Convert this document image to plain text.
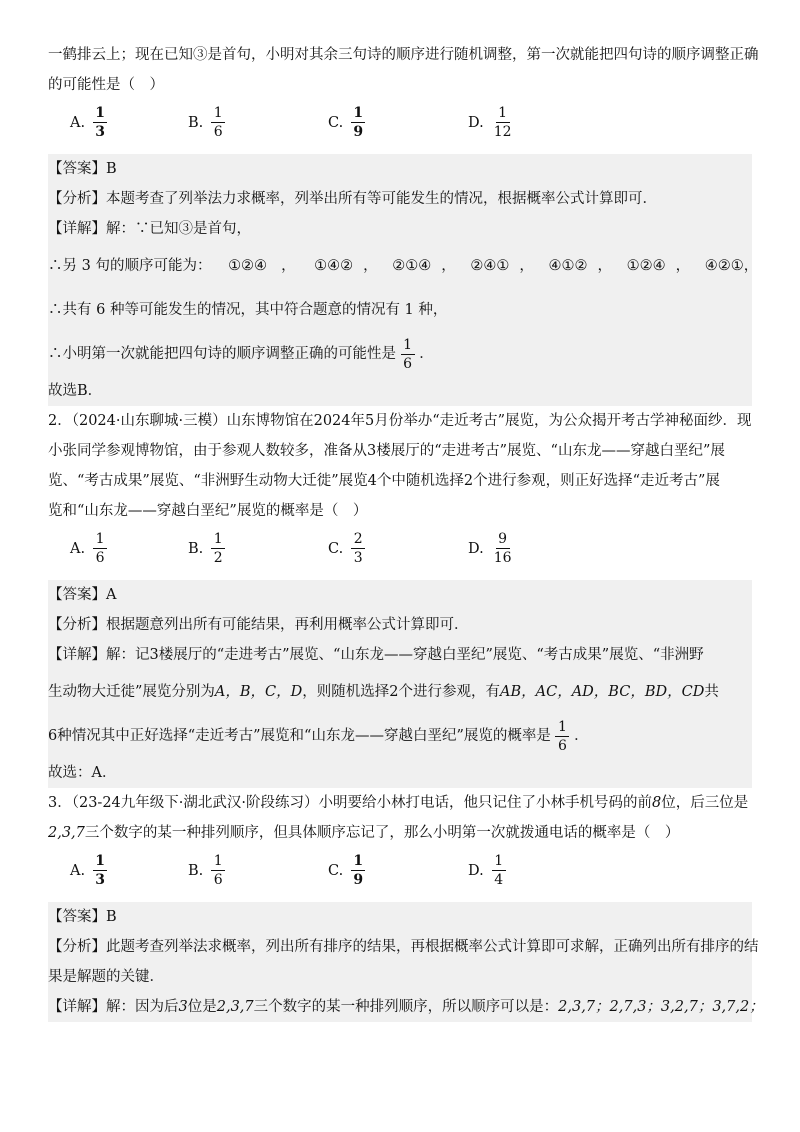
一鹤排云上；现在已知③是首句，小明对其余三句诗的顺序进行随机调整，第一次就能把四句诗的顺序调整正确
的可能性是（　）
A. $\frac{1}{3}$	B. $\frac{1}{6}$	C. $\frac{1}{9}$	D. $\frac{1}{12}$
【答案】B
【分析】本题考查了列举法力求概率，列举出所有等可能发生的情况，根据概率公式计算即可．
【详解】解：∵已知③是首句，
∴另 3 句的顺序可能为： ①②④ ， ①④② ， ②①④ ， ②④① ， ④①② ， ①②④ ， ④②①，
∴共有 6 种等可能发生的情况，其中符合题意的情况有 1 种，
∴小明第一次就能把四句诗的顺序调整正确的可能性是 $\frac{1}{6}$ ．
故选B．
2．（2024·山东聊城·三模）山东博物馆在2024年5月份举办“走近考古”展览，为公众揭开考古学神秘面纱．现
小张同学参观博物馆，由于参观人数较多，准备从3楼展厅的“走进考古”展览、“山东龙——穿越白垩纪”展
览、“考古成果”展览、“非洲野生动物大迁徙”展览4个中随机选择2个进行参观，则正好选择“走近考古”展
览和“山东龙——穿越白垩纪”展览的概率是（　）
A. $\frac{1}{6}$	B. $\frac{1}{2}$	C. $\frac{2}{3}$	D. $\frac{9}{16}$
【答案】A
【分析】根据题意列出所有可能结果，再利用概率公式计算即可．
【详解】解：记3楼展厅的“走进考古”展览、“山东龙——穿越白垩纪”展览、“考古成果”展览、“非洲野
生动物大迁徙”展览分别为A，B，C，D，则随机选择2个进行参观，有AB，AC，AD，BC，BD，CD共
6种情况其中正好选择“走近考古”展览和“山东龙——穿越白垩纪”展览的概率是 $\frac{1}{6}$ ．
故选：A．
3．（23-24九年级下·湖北武汉·阶段练习）小明要给小林打电话，他只记住了小林手机号码的前8位，后三位是
2,3,7三个数字的某一种排列顺序，但具体顺序忘记了，那么小明第一次就拨通电话的概率是（　）
A. $\frac{1}{3}$	B. $\frac{1}{6}$	C. $\frac{1}{9}$	D. $\frac{1}{4}$
【答案】B
【分析】此题考查列举法求概率，列出所有排序的结果，再根据概率公式计算即可求解，正确列出所有排序的结
果是解题的关键．
【详解】解：因为后3位是2,3,7三个数字的某一种排列顺序，所以顺序可以是：2,3,7；2,7,3；3,2,7；3,7,2；
